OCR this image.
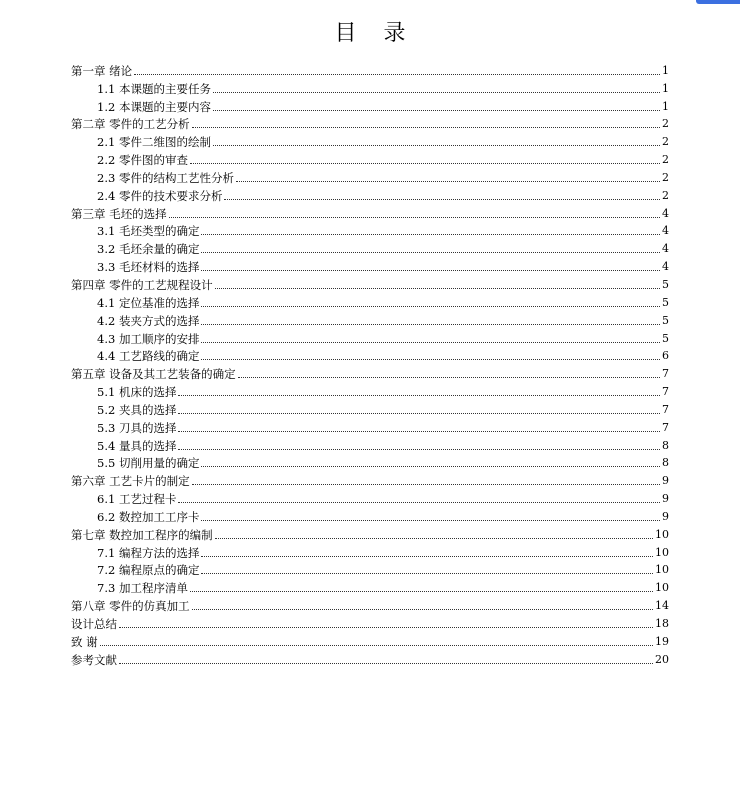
目 录
第一章 绪论	1
1.1 本课题的主要任务	1
1.2 本课题的主要内容	1
第二章 零件的工艺分析	2
2.1 零件二维图的绘制	2
2.2 零件图的审查	2
2.3 零件的结构工艺性分析	2
2.4 零件的技术要求分析	2
第三章 毛坯的选择	4
3.1 毛坯类型的确定	4
3.2 毛坯余量的确定	4
3.3 毛坯材料的选择	4
第四章 零件的工艺规程设计	5
4.1 定位基准的选择	5
4.2 装夹方式的选择	5
4.3 加工顺序的安排	5
4.4 工艺路线的确定	6
第五章 设备及其工艺装备的确定	7
5.1 机床的选择	7
5.2 夹具的选择	7
5.3 刀具的选择	7
5.4 量具的选择	8
5.5 切削用量的确定	8
第六章 工艺卡片的制定	9
6.1 工艺过程卡	9
6.2 数控加工工序卡	9
第七章 数控加工程序的编制	10
7.1 编程方法的选择	10
7.2 编程原点的确定	10
7.3 加工程序清单	10
第八章 零件的仿真加工	14
设计总结	18
致 谢	19
参考文献	20
